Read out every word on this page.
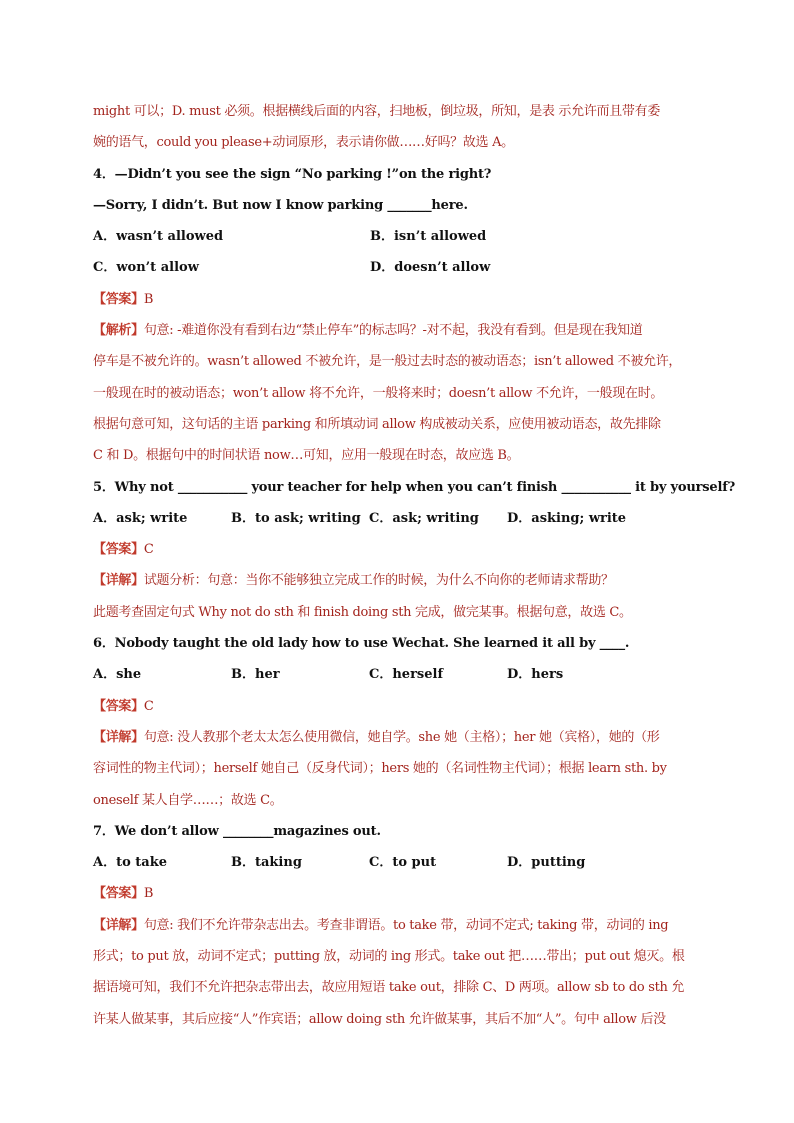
might 可以；D. must 必须。根据横线后面的内容，扫地板，倒垃圾，所知，是表 示允许而且带有委
婉的语气，could you please+动词原形，表示请你做……好吗？故选 A。
4．—Didn’t you see the sign “No parking !”on the right?
—Sorry, I didn’t. But now I know parking _______here.
A．wasn’t allowed	B．isn’t allowed
C．won’t allow	D．doesn’t allow
【答案】B
【解析】句意: -难道你没有看到右边“禁止停车”的标志吗？-对不起，我没有看到。但是现在我知道
停车是不被允许的。wasn’t allowed 不被允许，是一般过去时态的被动语态；isn’t allowed 不被允许，
一般现在时的被动语态；won’t allow 将不允许，一般将来时；doesn’t allow 不允许，一般现在时。
根据句意可知，这句话的主语 parking 和所填动词 allow 构成被动关系，应使用被动语态，故先排除
C 和 D。根据句中的时间状语 now…可知，应用一般现在时态，故应选 B。
5．Why not ___________ your teacher for help when you can’t finish ___________ it by yourself?
A．ask; write	B．to ask; writing C．ask; writing	D．asking; write
【答案】C
【详解】试题分析：句意：当你不能够独立完成工作的时候，为什么不向你的老师请求帮助？
此题考查固定句式 Why not do sth 和 finish doing sth 完成，做完某事。根据句意，故选 C。
6．Nobody taught the old lady how to use Wechat. She learned it all by ____.
A．she	B．her	C．herself	D．hers
【答案】C
【详解】句意: 没人教那个老太太怎么使用微信，她自学。she 她（主格）；her 她（宾格），她的（形
容词性的物主代词）；herself 她自己（反身代词）；hers 她的（名词性物主代词）；根据 learn sth. by
oneself 某人自学……；故选 C。
7．We don’t allow ________magazines out.
A．to take	B．taking	C．to put	D．putting
【答案】B
【详解】句意: 我们不允许带杂志出去。考查非谓语。to take 带，动词不定式; taking 带，动词的 ing
形式；to put 放，动词不定式；putting 放，动词的 ing 形式。take out 把……带出；put out 熄灭。根
据语境可知，我们不允许把杂志带出去，故应用短语 take out，排除 C、D 两项。allow sb to do sth 允
许某人做某事，其后应接“人”作宾语；allow doing sth 允许做某事，其后不加“人”。句中 allow 后没
